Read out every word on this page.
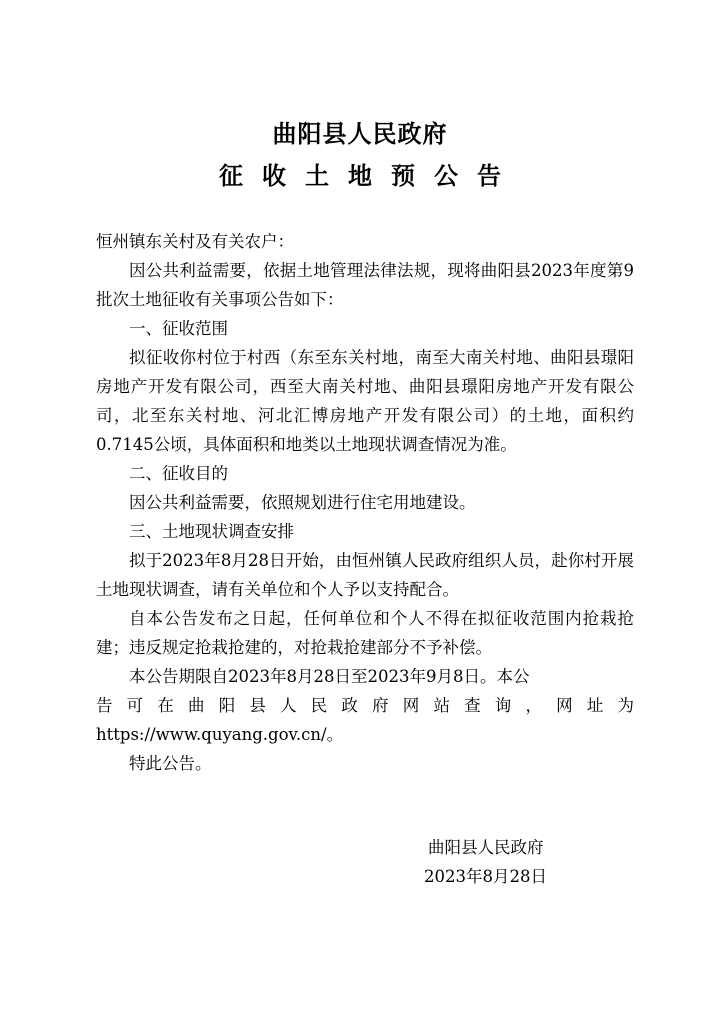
曲阳县人民政府
征收土地预公告

恒州镇东关村及有关农户：

因公共利益需要，依据土地管理法律法规，现将曲阳县2023年度第9批次土地征收有关事项公告如下：

一、征收范围

拟征收你村位于村西（东至东关村地，南至大南关村地、曲阳县璟阳房地产开发有限公司，西至大南关村地、曲阳县璟阳房地产开发有限公司，北至东关村地、河北汇博房地产开发有限公司）的土地，面积约0.7145公顷，具体面积和地类以土地现状调查情况为准。

二、征收目的

因公共利益需要，依照规划进行住宅用地建设。

三、土地现状调查安排

拟于2023年8月28日开始，由恒州镇人民政府组织人员，赴你村开展土地现状调查，请有关单位和个人予以支持配合。

自本公告发布之日起，任何单位和个人不得在拟征收范围内抢栽抢建；违反规定抢栽抢建的，对抢栽抢建部分不予补偿。

本公告期限自2023年8月28日至2023年9月8日。本公

告可在曲阳县人民政府网站查询，网址为

https://www.quyang.gov.cn/。

特此公告。

曲阳县人民政府
2023年8月28日
